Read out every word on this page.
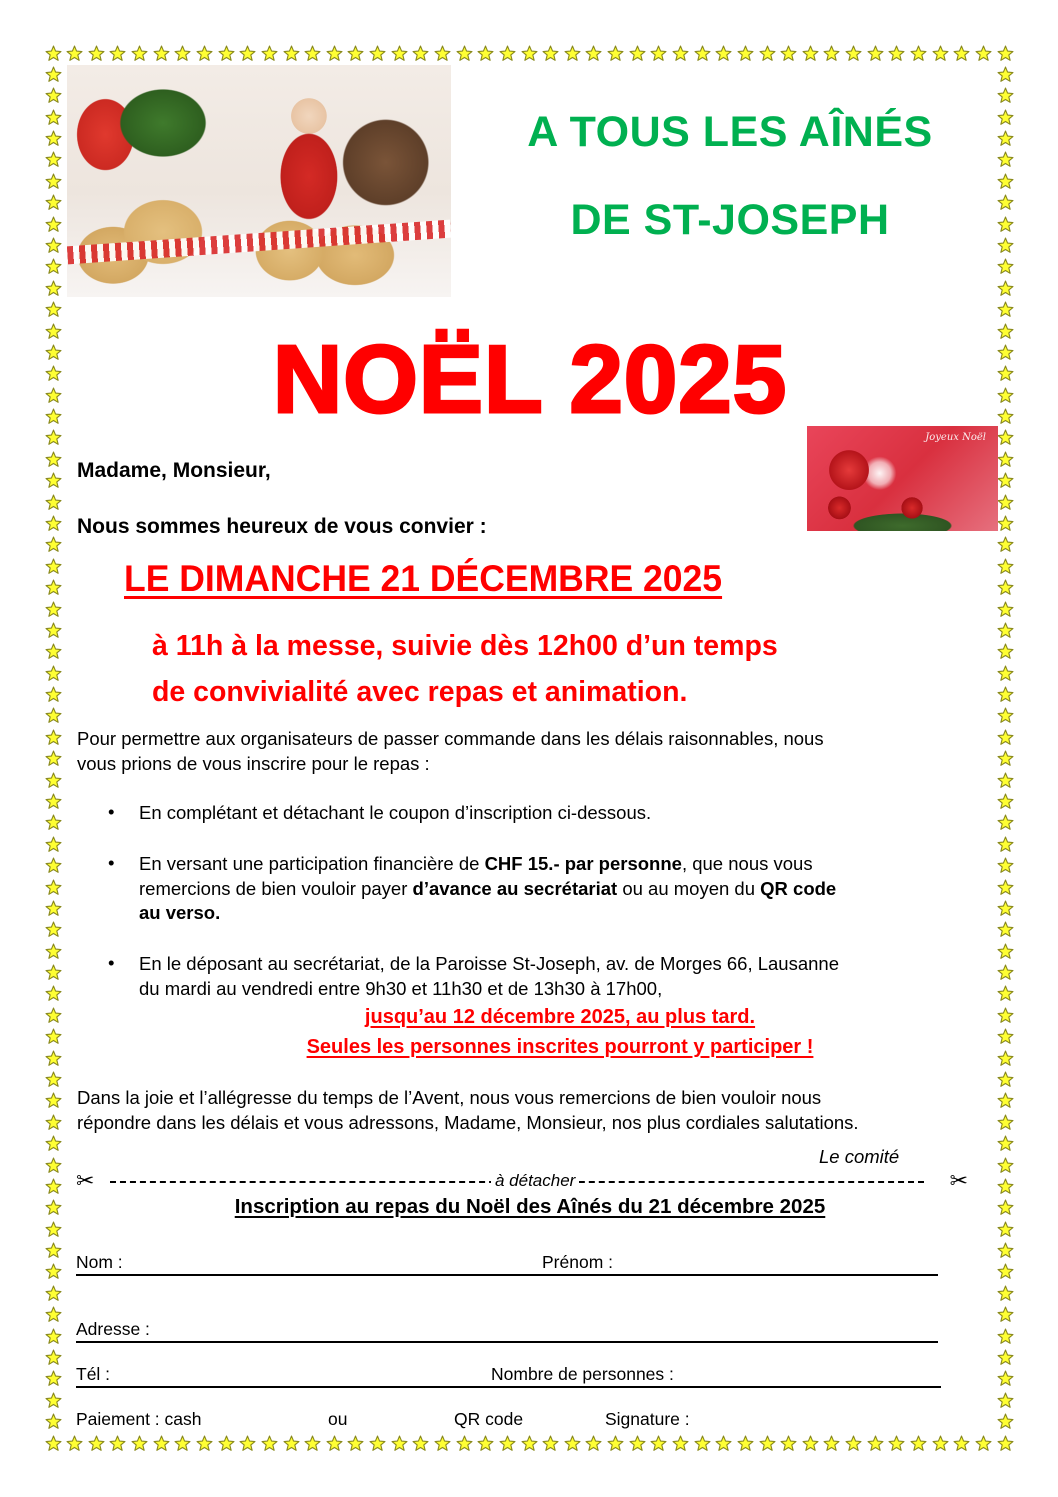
A TOUS LES AÎNÉS
DE ST-JOSEPH
NOËL 2025
Joyeux Noël
Madame, Monsieur,
Nous sommes heureux de vous convier :
LE DIMANCHE 21 DÉCEMBRE 2025
à 11h à la messe, suivie dès 12h00 d’un temps
de convivialité avec repas et animation.
Pour permettre aux organisateurs de passer commande dans les délais raisonnables, nous
vous prions de vous inscrire pour le repas :
• En complétant et détachant le coupon d’inscription ci-dessous.
• En versant une participation financière de CHF 15.- par personne, que nous vous
remercions de bien vouloir payer d’avance au secrétariat ou au moyen du QR code
au verso.
• En le déposant au secrétariat, de la Paroisse St-Joseph, av. de Morges 66, Lausanne
du mardi au vendredi entre 9h30 et 11h30 et de 13h30 à 17h00,
jusqu’au 12 décembre 2025, au plus tard.
Seules les personnes inscrites pourront y participer !
Dans la joie et l’allégresse du temps de l’Avent, nous vous remercions de bien vouloir nous
répondre dans les délais et vous adressons, Madame, Monsieur, nos plus cordiales salutations.
Le comité
✂	à détacher	✂
Inscription au repas du Noël des Aînés du 21 décembre 2025
Nom :	Prénom :
Adresse :
Tél :	Nombre de personnes :
Paiement : cash	ou	QR code	Signature :
